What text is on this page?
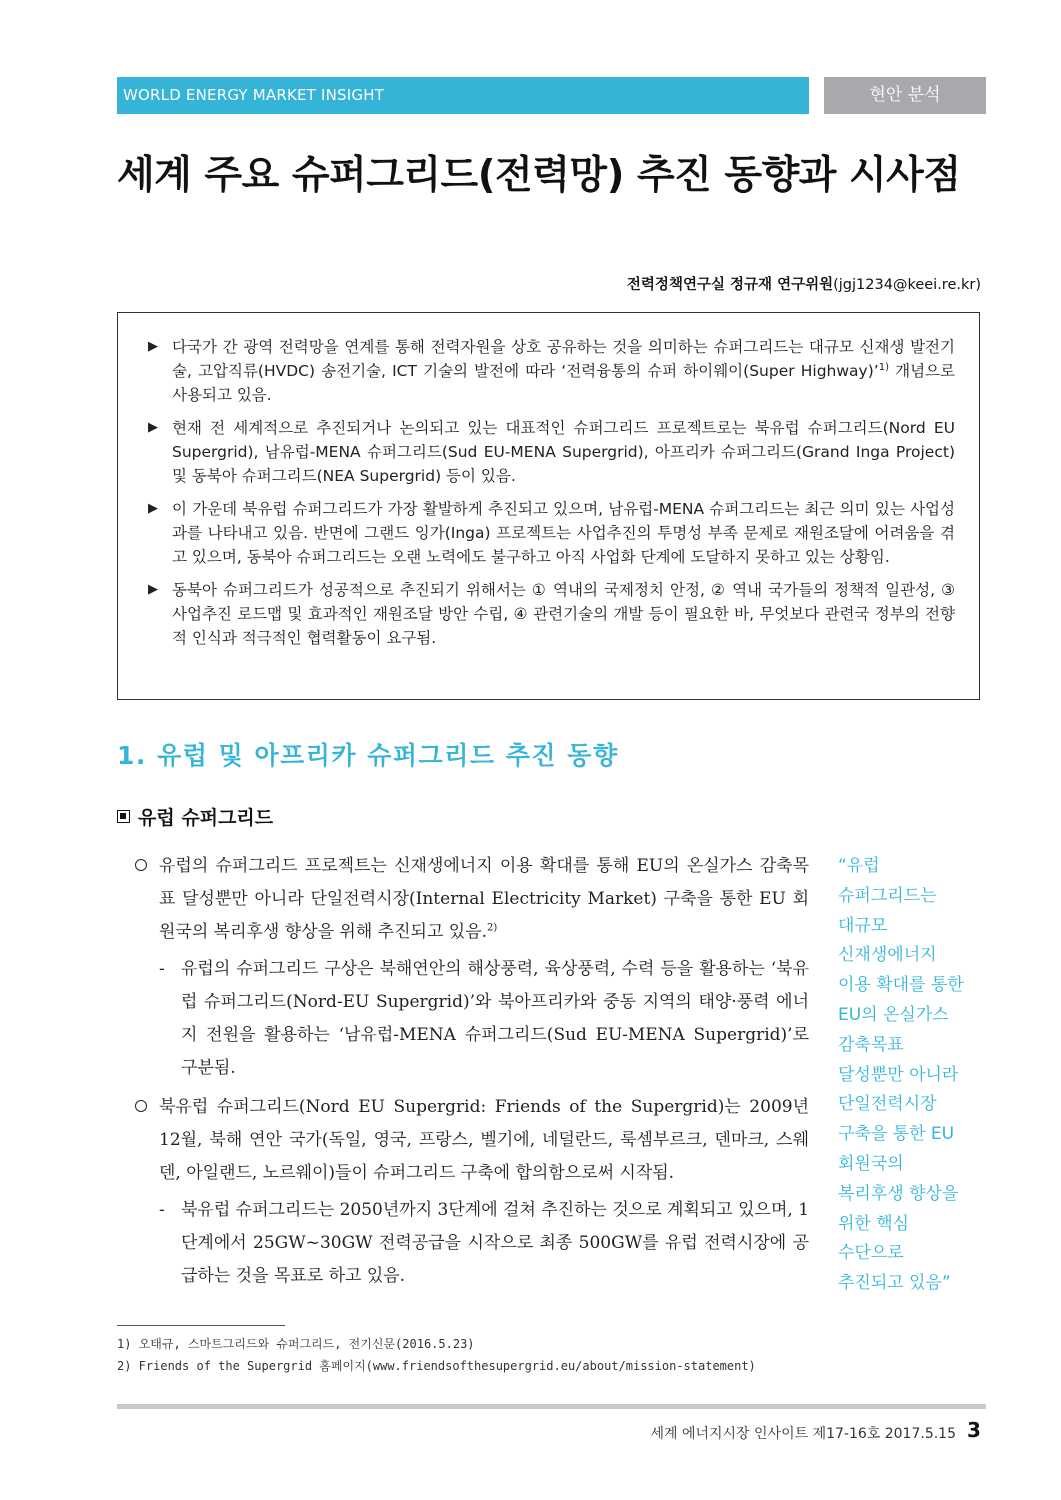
WORLD ENERGY MARKET INSIGHT	현안 분석
세계 주요 슈퍼그리드(전력망) 추진 동향과 시사점
전력정책연구실 정규재 연구위원(jgj1234@keei.re.kr)
▶ 다국가 간 광역 전력망을 연계를 통해 전력자원을 상호 공유하는 것을 의미하는 슈퍼그리드는 대규모 신재생 발전기술, 고압직류(HVDC) 송전기술, ICT 기술의 발전에 따라 ‘전력융통의 슈퍼 하이웨이(Super Highway)’$^{1)}$ 개념으로 사용되고 있음.
▶ 현재 전 세계적으로 추진되거나 논의되고 있는 대표적인 슈퍼그리드 프로젝트로는 북유럽 슈퍼그리드(Nord EU Supergrid), 남유럽-MENA 슈퍼그리드(Sud EU-MENA Supergrid), 아프리카 슈퍼그리드(Grand Inga Project) 및 동북아 슈퍼그리드(NEA Supergrid) 등이 있음.
▶ 이 가운데 북유럽 슈퍼그리드가 가장 활발하게 추진되고 있으며, 남유럽-MENA 슈퍼그리드는 최근 의미 있는 사업성과를 나타내고 있음. 반면에 그랜드 잉가(Inga) 프로젝트는 사업추진의 투명성 부족 문제로 재원조달에 어려움을 겪고 있으며, 동북아 슈퍼그리드는 오랜 노력에도 불구하고 아직 사업화 단계에 도달하지 못하고 있는 상황임.
▶ 동북아 슈퍼그리드가 성공적으로 추진되기 위해서는 ① 역내의 국제정치 안정, ② 역내 국가들의 정책적 일관성, ③ 사업추진 로드맵 및 효과적인 재원조달 방안 수립, ④ 관련기술의 개발 등이 필요한 바, 무엇보다 관련국 정부의 전향적 인식과 적극적인 협력활동이 요구됨.
1. 유럽 및 아프리카 슈퍼그리드 추진 동향
유럽 슈퍼그리드
유럽의 슈퍼그리드 프로젝트는 신재생에너지 이용 확대를 통해 EU의 온실가스 감축목표 달성뿐만 아니라 단일전력시장(Internal Electricity Market) 구축을 통한 EU 회원국의 복리후생 향상을 위해 추진되고 있음.$^{2)}$
- 유럽의 슈퍼그리드 구상은 북해연안의 해상풍력, 육상풍력, 수력 등을 활용하는 ‘북유럽 슈퍼그리드(Nord-EU Supergrid)’와 북아프리카와 중동 지역의 태양·풍력 에너지 전원을 활용하는 ‘남유럽-MENA 슈퍼그리드(Sud EU-MENA Supergrid)’로 구분됨.
북유럽 슈퍼그리드(Nord EU Supergrid: Friends of the Supergrid)는 2009년 12월, 북해 연안 국가(독일, 영국, 프랑스, 벨기에, 네덜란드, 룩셈부르크, 덴마크, 스웨덴, 아일랜드, 노르웨이)들이 슈퍼그리드 구축에 합의함으로써 시작됨.
- 북유럽 슈퍼그리드는 2050년까지 3단계에 걸쳐 추진하는 것으로 계획되고 있으며, 1단계에서 25GW~30GW 전력공급을 시작으로 최종 500GW를 유럽 전력시장에 공급하는 것을 목표로 하고 있음.
“유럽
슈퍼그리드는
대규모
신재생에너지
이용 확대를 통한
EU의 온실가스
감축목표
달성뿐만 아니라
단일전력시장
구축을 통한 EU
회원국의
복리후생 향상을
위한 핵심
수단으로
추진되고 있음”
1) 오태규, 스마트그리드와 슈퍼그리드, 전기신문(2016.5.23)
2) Friends of the Supergrid 홈페이지(www.friendsofthesupergrid.eu/about/mission-statement)
세계 에너지시장 인사이트 제17-16호 2017.5.15 3
